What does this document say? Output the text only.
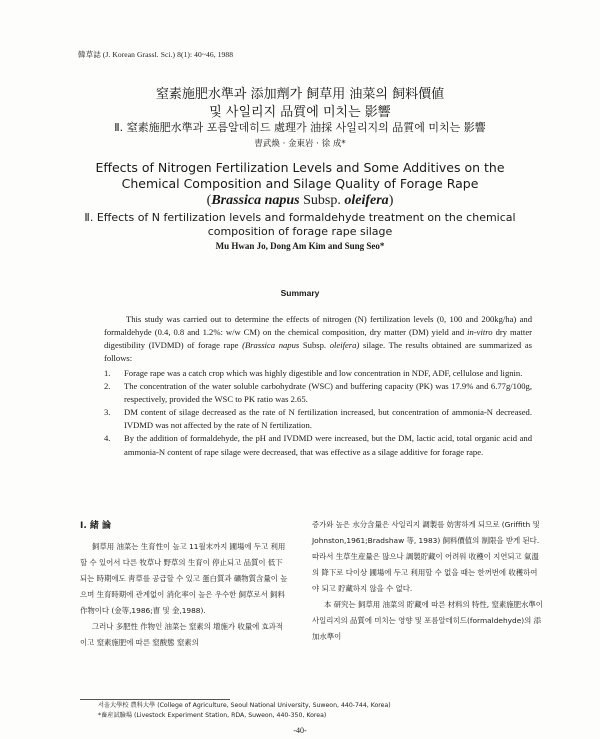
韓草誌 (J. Korean Grassl. Sci.) 8(1): 40~46, 1988
窒素施肥水準과 添加劑가 飼草用 油菜의 飼料價値
및 사일리지 品質에 미치는 影響
Ⅱ. 窒素施肥水準과 포름알데히드 處理가 油採 사일리지의 品質에 미치는 影響
曺武煥 · 金東岩 · 徐 成*
Effects of Nitrogen Fertilization Levels and Some Additives on the
Chemical Composition and Silage Quality of Forage Rape
(Brassica napus Subsp. oleifera)
Ⅱ. Effects of N fertilization levels and formaldehyde treatment on the chemical
composition of forage rape silage
Mu Hwan Jo, Dong Am Kim and Sung Seo*
Summary

This study was carried out to determine the effects of nitrogen (N) fertilization levels (0, 100 and 200kg/ha) and formaldehyde (0.4, 0.8 and 1.2%: w/w CM) on the chemical composition, dry matter (DM) yield and in-vitro dry matter digestibility (IVDMD) of forage rape (Brassica napus Subsp. oleifera) silage. The results obtained are summarized as follows:

1. Forage rape was a catch crop which was highly digestible and low concentration in NDF, ADF, cellulose and lignin.
2. The concentration of the water soluble carbohydrate (WSC) and buffering capacity (PK) was 17.9% and 6.77g/100g, respectively, provided the WSC to PK ratio was 2.65.
3. DM content of silage decreased as the rate of N fertilization increased, but concentration of ammonia-N decreased. IVDMD was not affected by the rate of N fertilization.
4. By the addition of formaldehyde, the pH and IVDMD were increased, but the DM, lactic acid, total organic acid and ammonia-N content of rape silage were decreased, that was effective as a silage additive for forage rape.
Ⅰ. 緒 論

飼草用 油菜는 生育性이 높고 11월末까지 圃場에 두고 利用할 수 있어서 다른 牧草나 野草의 生育이 停止되고 品質이 低下되는 時期에도 靑草를 공급할 수 있고 蛋白質과 礦物質含量이 높으며 生育時期에 관계없이 消化率이 높은 우수한 飼草로서 飼料作物이다 (金等,1986;曺 및 金,1988).

그러나 多肥性 作物인 油菜는 窒素의 增施가 收量에 효과적이고 窒素施肥에 따른 窒酸態 窒素의

증가와 높은 水分含量은 사일리지 調製를 妨害하게 되므로 (Griffith 및 Johnston,1961;Bradshaw 等, 1983) 飼料價值의 制限을 받게 된다. 따라서 生草生産量은 많으나 調製貯藏이 어려워 收穫이 지연되고 氣溫의 降下로 다이상 圃場에 두고 利用할 수 없을 때는 한꺼번에 收穫하여야 되고 貯藏하지 않을 수 없다.

本 研究는 飼草用 油菜의 貯藏에 따른 材料의 特性, 窒素施肥水準이 사일리지의 品質에 미치는 영향 및 포름알데히드(formaldehyde)의 添加水準이

서울大學校 農科大學 (College of Agriculture, Seoul National University, Suweon, 440-744, Korea)
*畜産試驗場 (Livestock Experiment Station, RDA, Suweon, 440-350, Korea)
-40-
